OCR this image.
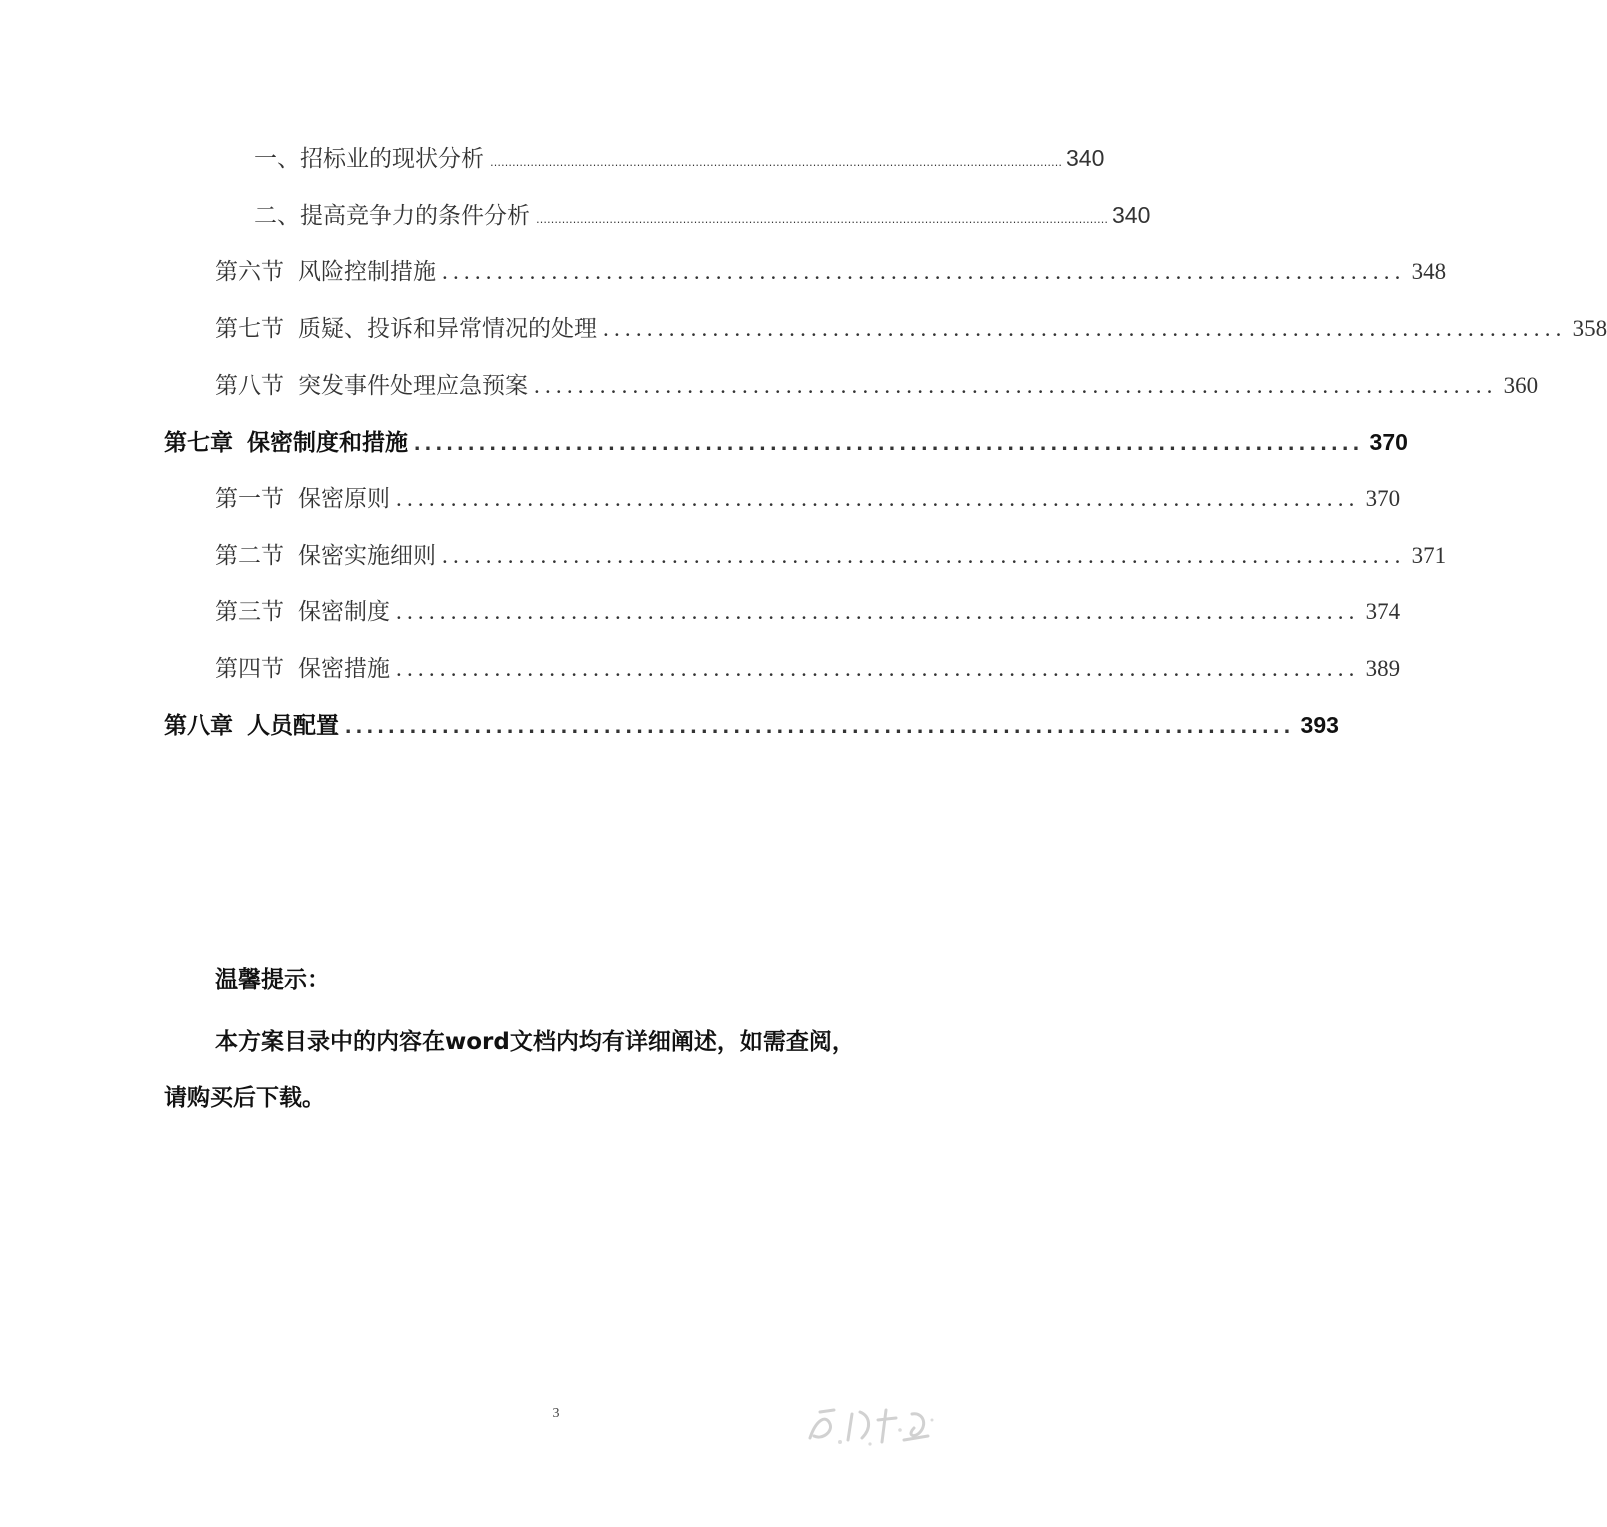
一、招标业的现状分析 ………………………………………………………………………………………………………………………………………… 340
二、提高竞争力的条件分析 ………………………………………………………………………………………………………………………………………… 340
第六节 风险控制措施 ........................................................................................ 348
第七节 质疑、投诉和异常情况的处理 ........................................................................................ 358
第八节 突发事件处理应急预案 ........................................................................................ 360
第七章 保密制度和措施 ........................................................................................ 370
第一节 保密原则 ........................................................................................ 370
第二节 保密实施细则 ........................................................................................ 371
第三节 保密制度 ........................................................................................ 374
第四节 保密措施 ........................................................................................ 389
第八章 人员配置 ........................................................................................ 393
温馨提示：
本方案目录中的内容在word文档内均有详细阐述，如需查阅，
请购买后下载。
3
